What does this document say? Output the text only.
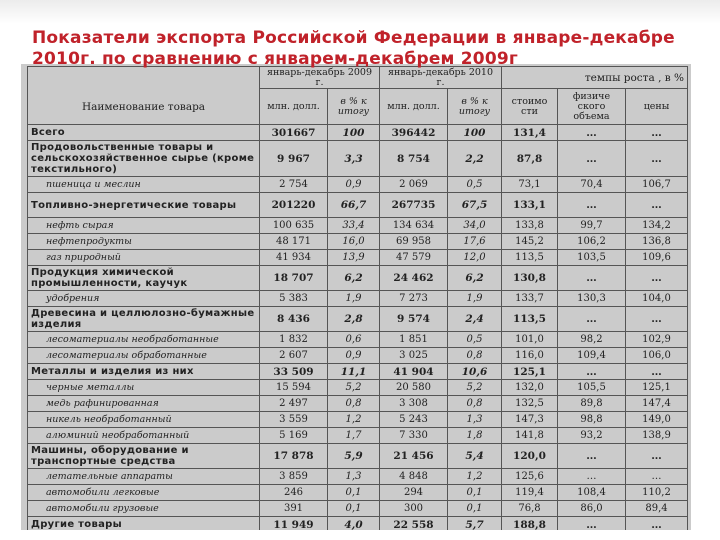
Показатели экспорта Российской Федерации в январе-декабре 2010г. по сравнению с январем-декабрем 2009г
Наименование товара	январь-декабрь 2009 г.		январь-декабрь 2010 г.		темпы роста , в %		
	млн. долл.	в % к итогу	млн. долл.	в % к итогу	стоимо сти	физиче ского объема	цены
Всего	301667	100	396442	100	131,4	…	…
Продовольственные товары и сельскохозяйственное сырье (кроме текстильного)	9 967	3,3	8 754	2,2	87,8	…	…
пшеница и меслин	2 754	0,9	2 069	0,5	73,1	70,4	106,7
Топливно-энергетические товары	201220	66,7	267735	67,5	133,1	…	…
нефть сырая	100 635	33,4	134 634	34,0	133,8	99,7	134,2
нефтепродукты	48 171	16,0	69 958	17,6	145,2	106,2	136,8
газ природный	41 934	13,9	47 579	12,0	113,5	103,5	109,6
Продукция химической промышленности, каучук	18 707	6,2	24 462	6,2	130,8	…	…
удобрения	5 383	1,9	7 273	1,9	133,7	130,3	104,0
Древесина и целлюлозно-бумажные изделия	8 436	2,8	9 574	2,4	113,5	…	…
лесоматериалы необработанные	1 832	0,6	1 851	0,5	101,0	98,2	102,9
лесоматериалы обработанные	2 607	0,9	3 025	0,8	116,0	109,4	106,0
Металлы и изделия из них	33 509	11,1	41 904	10,6	125,1	…	…
черные металлы	15 594	5,2	20 580	5,2	132,0	105,5	125,1
медь рафинированная	2 497	0,8	3 308	0,8	132,5	89,8	147,4
никель необработанный	3 559	1,2	5 243	1,3	147,3	98,8	149,0
алюминий необработанный	5 169	1,7	7 330	1,8	141,8	93,2	138,9
Машины, оборудование и транспортные средства	17 878	5,9	21 456	5,4	120,0	…	…
летательные аппараты	3 859	1,3	4 848	1,2	125,6	…	…
автомобили легковые	246	0,1	294	0,1	119,4	108,4	110,2
автомобили грузовые	391	0,1	300	0,1	76,8	86,0	89,4
Другие товары	11 949	4,0	22 558	5,7	188,8	…	…
